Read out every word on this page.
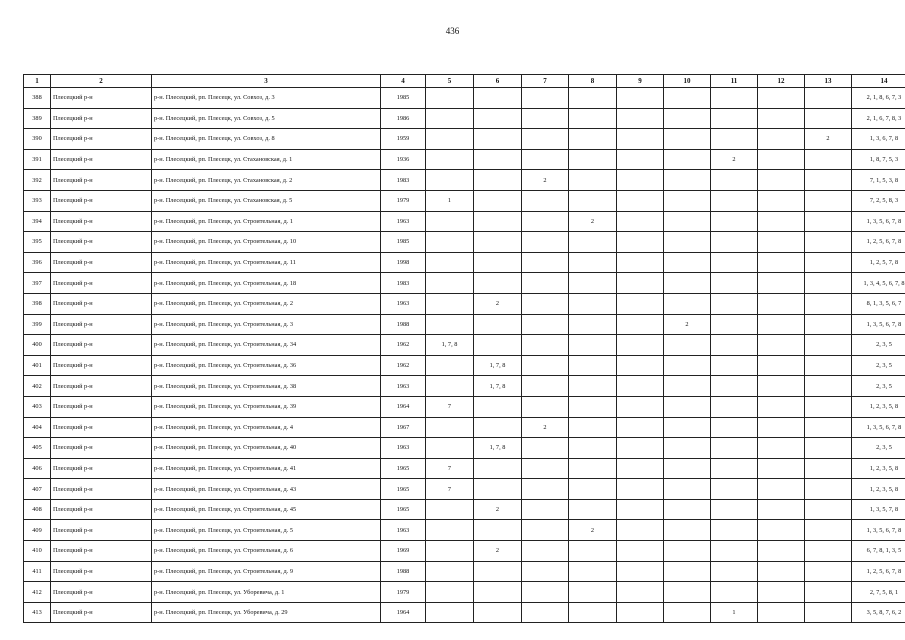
436
1	2	3	4	5	6	7	8	9	10	11	12	13	14
388	Плесецкий р-н	р-н. Плесецкий, рп. Плесецк, ул. Совхоз, д. 3	1985										2, 1, 8, 6, 7, 3
389	Плесецкий р-н	р-н. Плесецкий, рп. Плесецк, ул. Совхоз, д. 5	1986										2, 1, 6, 7, 8, 3
390	Плесецкий р-н	р-н. Плесецкий, рп. Плесецк, ул. Совхоз, д. 8	1959									2	1, 3, 6, 7, 8
391	Плесецкий р-н	р-н. Плесецкий, рп. Плесецк, ул. Стахановская, д. 1	1936							2			1, 8, 7, 5, 3
392	Плесецкий р-н	р-н. Плесецкий, рп. Плесецк, ул. Стахановская, д. 2	1983			2							7, 1, 5, 3, 8
393	Плесецкий р-н	р-н. Плесецкий, рп. Плесецк, ул. Стахановская, д. 5	1979	1									7, 2, 5, 8, 3
394	Плесецкий р-н	р-н. Плесецкий, рп. Плесецк, ул. Строительная, д. 1	1963				2						1, 3, 5, 6, 7, 8
395	Плесецкий р-н	р-н. Плесецкий, рп. Плесецк, ул. Строительная, д. 10	1985										1, 2, 5, 6, 7, 8
396	Плесецкий р-н	р-н. Плесецкий, рп. Плесецк, ул. Строительная, д. 11	1998										1, 2, 5, 7, 8
397	Плесецкий р-н	р-н. Плесецкий, рп. Плесецк, ул. Строительная, д. 18	1983										1, 3, 4, 5, 6, 7, 8
398	Плесецкий р-н	р-н. Плесецкий, рп. Плесецк, ул. Строительная, д. 2	1963		2								8, 1, 3, 5, 6, 7
399	Плесецкий р-н	р-н. Плесецкий, рп. Плесецк, ул. Строительная, д. 3	1988						2				1, 3, 5, 6, 7, 8
400	Плесецкий р-н	р-н. Плесецкий, рп. Плесецк, ул. Строительная, д. 34	1962	1, 7, 8									2, 3, 5
401	Плесецкий р-н	р-н. Плесецкий, рп. Плесецк, ул. Строительная, д. 36	1962		1, 7, 8								2, 3, 5
402	Плесецкий р-н	р-н. Плесецкий, рп. Плесецк, ул. Строительная, д. 38	1963		1, 7, 8								2, 3, 5
403	Плесецкий р-н	р-н. Плесецкий, рп. Плесецк, ул. Строительная, д. 39	1964	7									1, 2, 3, 5, 8
404	Плесецкий р-н	р-н. Плесецкий, рп. Плесецк, ул. Строительная, д. 4	1967			2							1, 3, 5, 6, 7, 8
405	Плесецкий р-н	р-н. Плесецкий, рп. Плесецк, ул. Строительная, д. 40	1963		1, 7, 8								2, 3, 5
406	Плесецкий р-н	р-н. Плесецкий, рп. Плесецк, ул. Строительная, д. 41	1965	7									1, 2, 3, 5, 8
407	Плесецкий р-н	р-н. Плесецкий, рп. Плесецк, ул. Строительная, д. 43	1965	7									1, 2, 3, 5, 8
408	Плесецкий р-н	р-н. Плесецкий, рп. Плесецк, ул. Строительная, д. 45	1965		2								1, 3, 5, 7, 8
409	Плесецкий р-н	р-н. Плесецкий, рп. Плесецк, ул. Строительная, д. 5	1963				2						1, 3, 5, 6, 7, 8
410	Плесецкий р-н	р-н. Плесецкий, рп. Плесецк, ул. Строительная, д. 6	1969		2								6, 7, 8, 1, 3, 5
411	Плесецкий р-н	р-н. Плесецкий, рп. Плесецк, ул. Строительная, д. 9	1988										1, 2, 5, 6, 7, 8
412	Плесецкий р-н	р-н. Плесецкий, рп. Плесецк, ул. Уборевича, д. 1	1979										2, 7, 5, 8, 1
413	Плесецкий р-н	р-н. Плесецкий, рп. Плесецк, ул. Уборевича, д. 29	1964							1			3, 5, 8, 7, 6, 2
